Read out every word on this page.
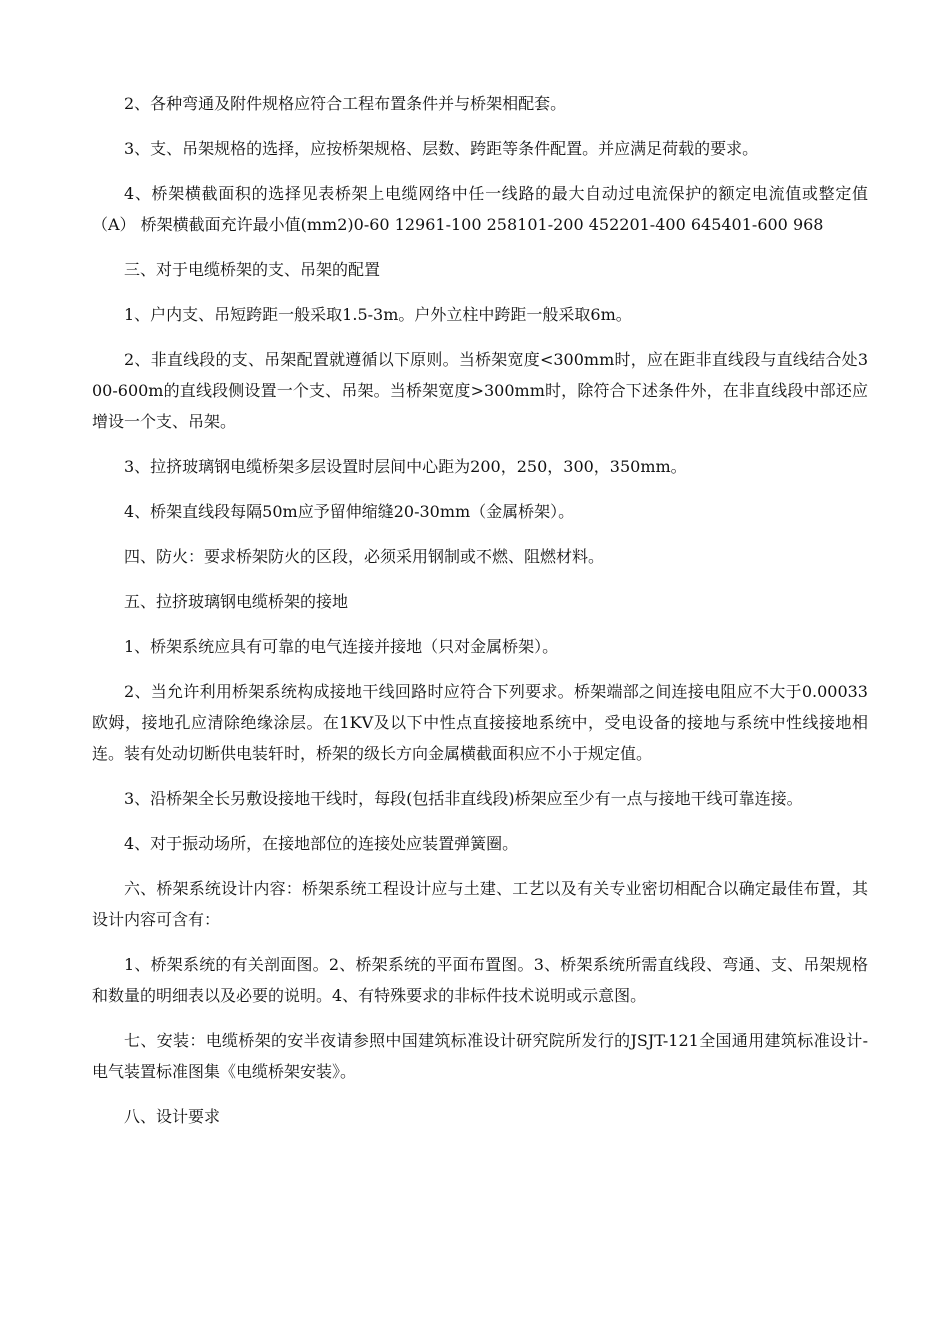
2、各种弯通及附件规格应符合工程布置条件并与桥架相配套。

3、支、吊架规格的选择，应按桥架规格、层数、跨距等条件配置。并应满足荷载的要求。

4、桥架横截面积的选择见表桥架上电缆网络中任一线路的最大自动过电流保护的额定电流值或整定值（A） 桥架横截面充许最小值(mm2)0-60 12961-100 258101-200 452201-400 645401-600 968

三、对于电缆桥架的支、吊架的配置

1、户内支、吊短跨距一般采取1.5-3m。户外立柱中跨距一般采取6m。

2、非直线段的支、吊架配置就遵循以下原则。当桥架宽度<300mm时，应在距非直线段与直线结合处300-600m的直线段侧设置一个支、吊架。当桥架宽度>300mm时，除符合下述条件外，在非直线段中部还应增设一个支、吊架。

3、拉挤玻璃钢电缆桥架多层设置时层间中心距为200，250，300，350mm。

4、桥架直线段每隔50m应予留伸缩缝20-30mm（金属桥架）。

四、防火：要求桥架防火的区段，必须采用钢制或不燃、阻燃材料。

五、拉挤玻璃钢电缆桥架的接地

1、桥架系统应具有可靠的电气连接并接地（只对金属桥架）。

2、当允许利用桥架系统构成接地干线回路时应符合下列要求。桥架端部之间连接电阻应不大于0.00033欧姆，接地孔应清除绝缘涂层。在1KV及以下中性点直接接地系统中，受电设备的接地与系统中性线接地相连。装有处动切断供电装轩时，桥架的级长方向金属横截面积应不小于规定值。

3、沿桥架全长另敷设接地干线时，每段(包括非直线段)桥架应至少有一点与接地干线可靠连接。

4、对于振动场所，在接地部位的连接处应装置弹簧圈。

六、桥架系统设计内容：桥架系统工程设计应与土建、工艺以及有关专业密切相配合以确定最佳布置，其设计内容可含有：

1、桥架系统的有关剖面图。2、桥架系统的平面布置图。3、桥架系统所需直线段、弯通、支、吊架规格和数量的明细表以及必要的说明。4、有特殊要求的非标件技术说明或示意图。

七、安装：电缆桥架的安半夜请参照中国建筑标准设计研究院所发行的JSJT-121全国通用建筑标准设计-电气装置标准图集《电缆桥架安装》。

八、设计要求
